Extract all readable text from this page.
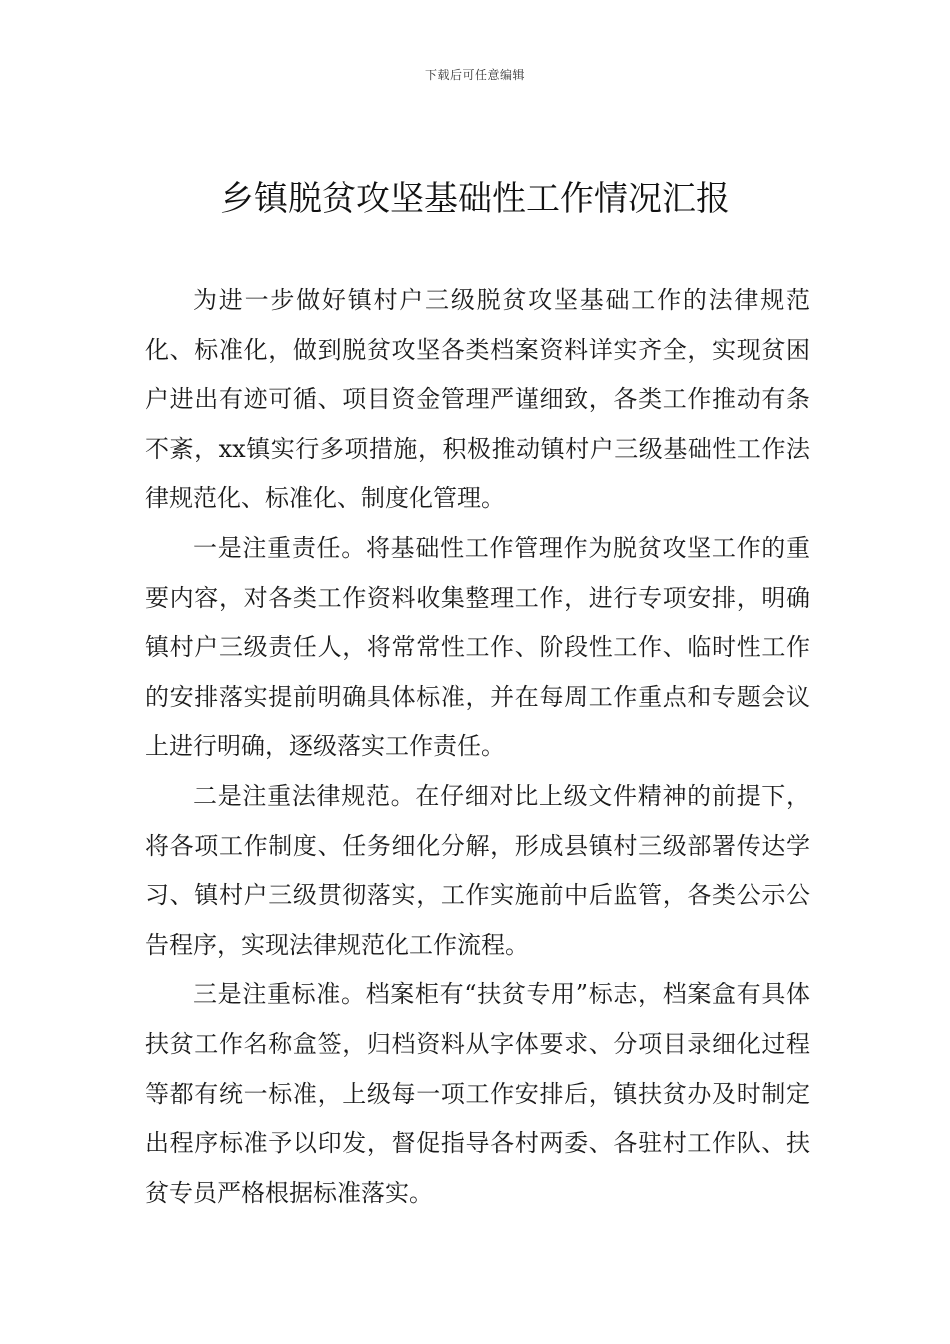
下载后可任意编辑
乡镇脱贫攻坚基础性工作情况汇报

为进一步做好镇村户三级脱贫攻坚基础工作的法律规范化、标准化，做到脱贫攻坚各类档案资料详实齐全，实现贫困户进出有迹可循、项目资金管理严谨细致，各类工作推动有条不紊，xx镇实行多项措施，积极推动镇村户三级基础性工作法律规范化、标准化、制度化管理。

一是注重责任。将基础性工作管理作为脱贫攻坚工作的重要内容，对各类工作资料收集整理工作，进行专项安排，明确镇村户三级责任人，将常常性工作、阶段性工作、临时性工作的安排落实提前明确具体标准，并在每周工作重点和专题会议上进行明确，逐级落实工作责任。

二是注重法律规范。在仔细对比上级文件精神的前提下，将各项工作制度、任务细化分解，形成县镇村三级部署传达学习、镇村户三级贯彻落实，工作实施前中后监管，各类公示公告程序，实现法律规范化工作流程。

三是注重标准。档案柜有“扶贫专用”标志，档案盒有具体扶贫工作名称盒签，归档资料从字体要求、分项目录细化过程等都有统一标准，上级每一项工作安排后，镇扶贫办及时制定出程序标准予以印发，督促指导各村两委、各驻村工作队、扶贫专员严格根据标准落实。
